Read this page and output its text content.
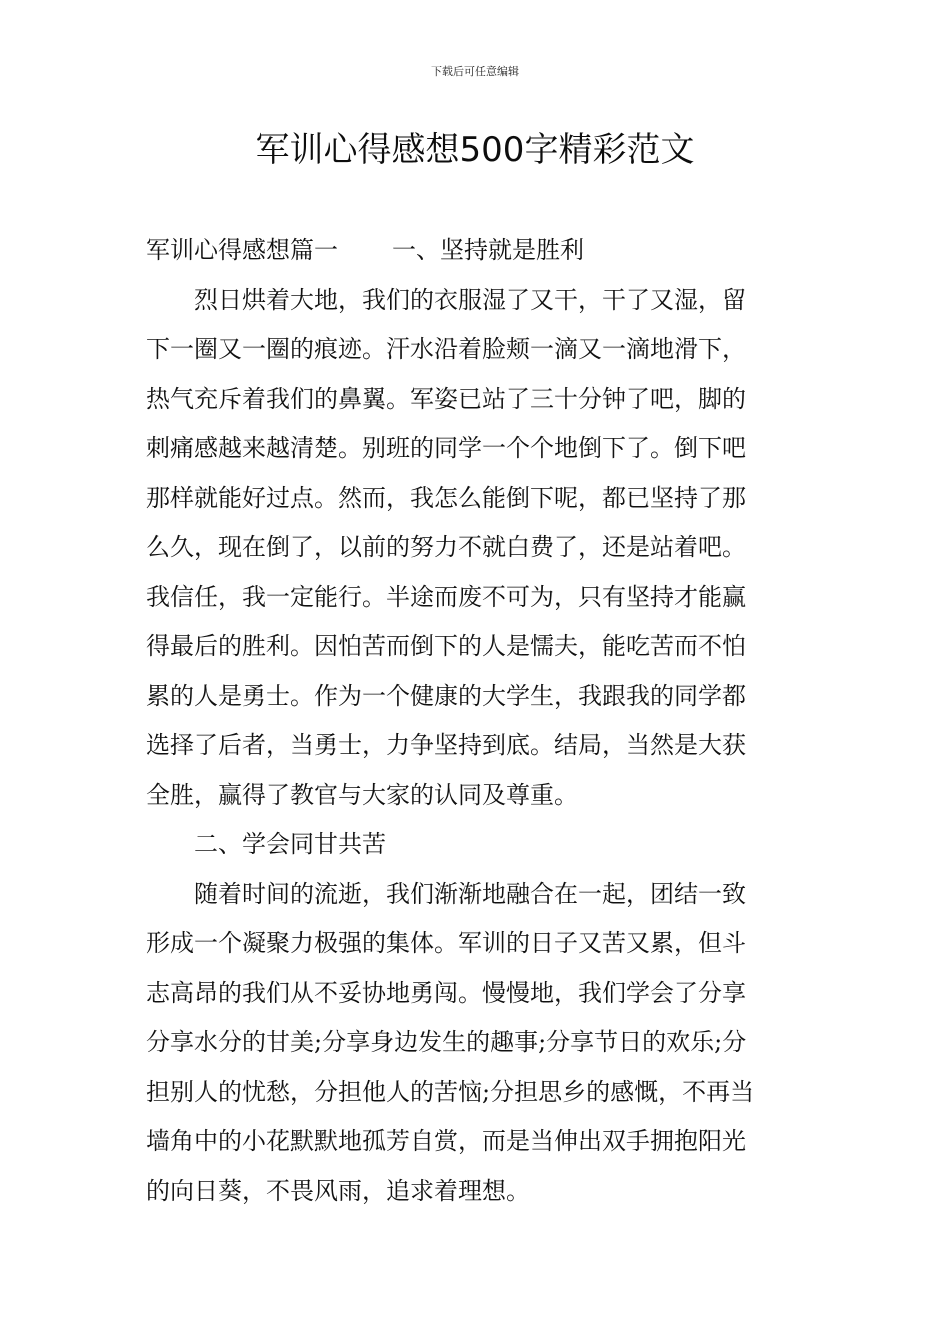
下载后可任意编辑
军训心得感想500字精彩范文
军训心得感想篇一 一、坚持就是胜利
烈日烘着大地，我们的衣服湿了又干，干了又湿，留
下一圈又一圈的痕迹。汗水沿着脸颊一滴又一滴地滑下，
热气充斥着我们的鼻翼。军姿已站了三十分钟了吧，脚的
刺痛感越来越清楚。别班的同学一个个地倒下了。倒下吧
那样就能好过点。然而，我怎么能倒下呢，都已坚持了那
么久，现在倒了，以前的努力不就白费了，还是站着吧。
我信任，我一定能行。半途而废不可为，只有坚持才能赢
得最后的胜利。因怕苦而倒下的人是懦夫，能吃苦而不怕
累的人是勇士。作为一个健康的大学生，我跟我的同学都
选择了后者，当勇士，力争坚持到底。结局，当然是大获
全胜，赢得了教官与大家的认同及尊重。
二、学会同甘共苦
随着时间的流逝，我们渐渐地融合在一起，团结一致
形成一个凝聚力极强的集体。军训的日子又苦又累，但斗
志高昂的我们从不妥协地勇闯。慢慢地，我们学会了分享
分享水分的甘美;分享身边发生的趣事;分享节日的欢乐;分
担别人的忧愁，分担他人的苦恼;分担思乡的感慨，不再当
墙角中的小花默默地孤芳自赏，而是当伸出双手拥抱阳光
的向日葵，不畏风雨，追求着理想。
